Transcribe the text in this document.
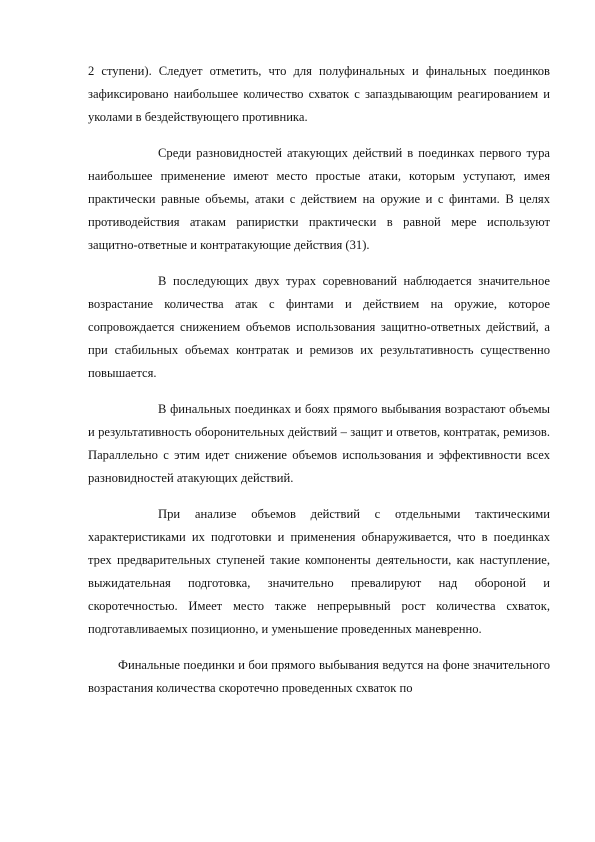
2 ступени). Следует отметить, что для полуфинальных и финальных поединков зафиксировано наибольшее количество схваток с запаздывающим реагированием и уколами в бездействующего противника.

Среди разновидностей атакующих действий в поединках первого тура наибольшее применение имеют место простые атаки, которым уступают, имея практически равные объемы, атаки с действием на оружие и с финтами. В целях противодействия атакам рапиристки практически в равной мере используют защитно-ответные и контратакующие действия (31).

В последующих двух турах соревнований наблюдается значительное возрастание количества атак с финтами и действием на оружие, которое сопровождается снижением объемов использования защитно-ответных действий, а при стабильных объемах контратак и ремизов их результативность существенно повышается.

В финальных поединках и боях прямого выбывания возрастают объемы и результативность оборонительных действий – защит и ответов, контратак, ремизов. Параллельно с этим идет снижение объемов использования и эффективности всех разновидностей атакующих действий.

При анализе объемов действий с отдельными тактическими характеристиками их подготовки и применения обнаруживается, что в поединках трех предварительных ступеней такие компоненты деятельности, как наступление, выжидательная подготовка, значительно превалируют над обороной и скоротечностью. Имеет место также непрерывный рост количества схваток, подготавливаемых позиционно, и уменьшение проведенных маневренно.

Финальные поединки и бои прямого выбывания ведутся на фоне значительного возрастания количества скоротечно проведенных схваток по
